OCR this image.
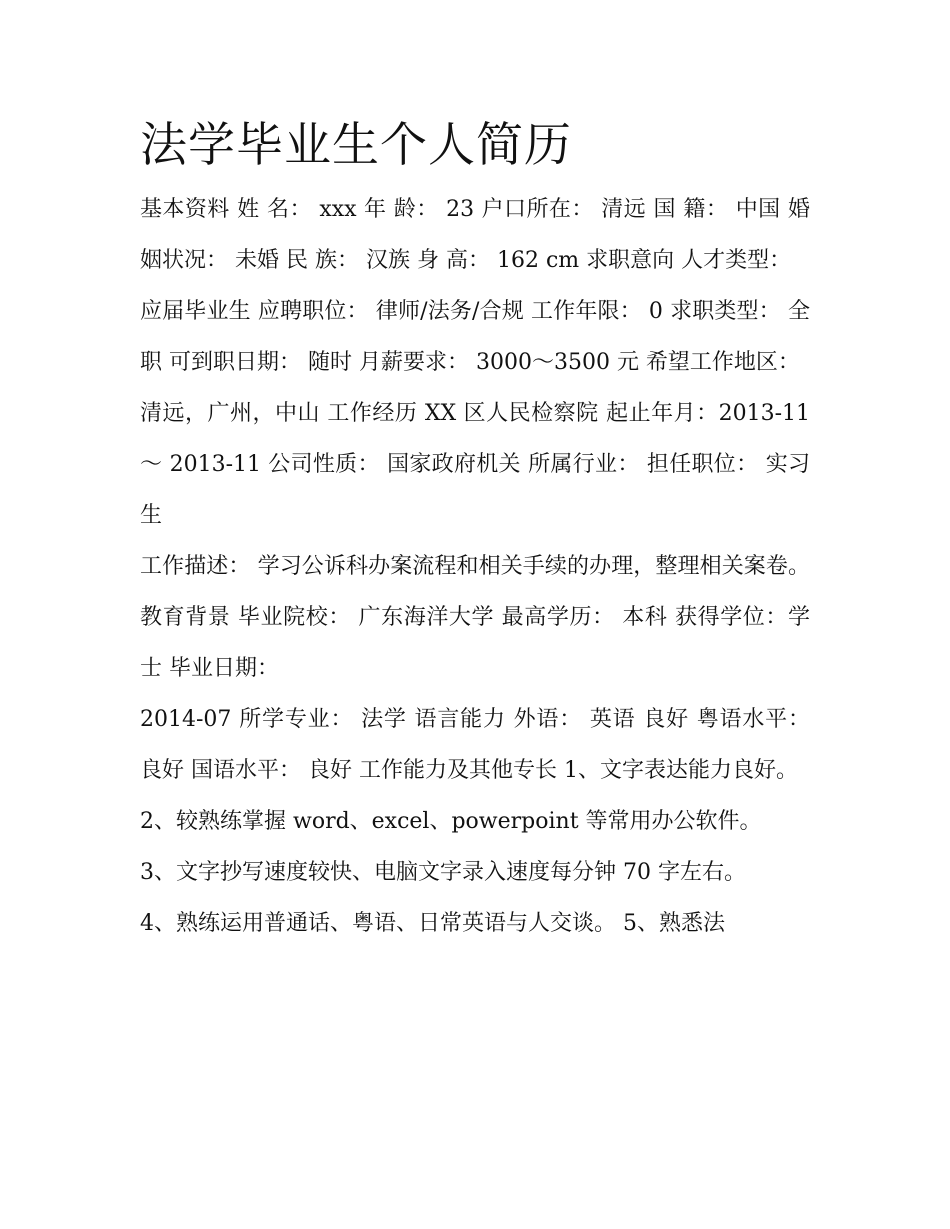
法学毕业生个人简历

基本资料 姓 名： xxx 年 龄： 23 户口所在： 清远 国 籍： 中国 婚姻状况： 未婚 民 族： 汉族 身 高： 162 cm 求职意向 人才类型：

应届毕业生 应聘职位： 律师/法务/合规 工作年限： 0 求职类型： 全职 可到职日期： 随时 月薪要求： 3000～3500 元 希望工作地区：

清远，广州，中山 工作经历 XX 区人民检察院 起止年月：2013-11 ～ 2013-11 公司性质： 国家政府机关 所属行业： 担任职位： 实习生

工作描述： 学习公诉科办案流程和相关手续的办理，整理相关案卷。 教育背景 毕业院校： 广东海洋大学 最高学历： 本科 获得学位：学士 毕业日期：

2014-07 所学专业： 法学 语言能力 外语： 英语 良好 粤语水平： 良好 国语水平： 良好 工作能力及其他专长 1、文字表达能力良好。

2、较熟练掌握 word、excel、powerpoint 等常用办公软件。

3、文字抄写速度较快、电脑文字录入速度每分钟 70 字左右。

4、熟练运用普通话、粤语、日常英语与人交谈。 5、熟悉法
